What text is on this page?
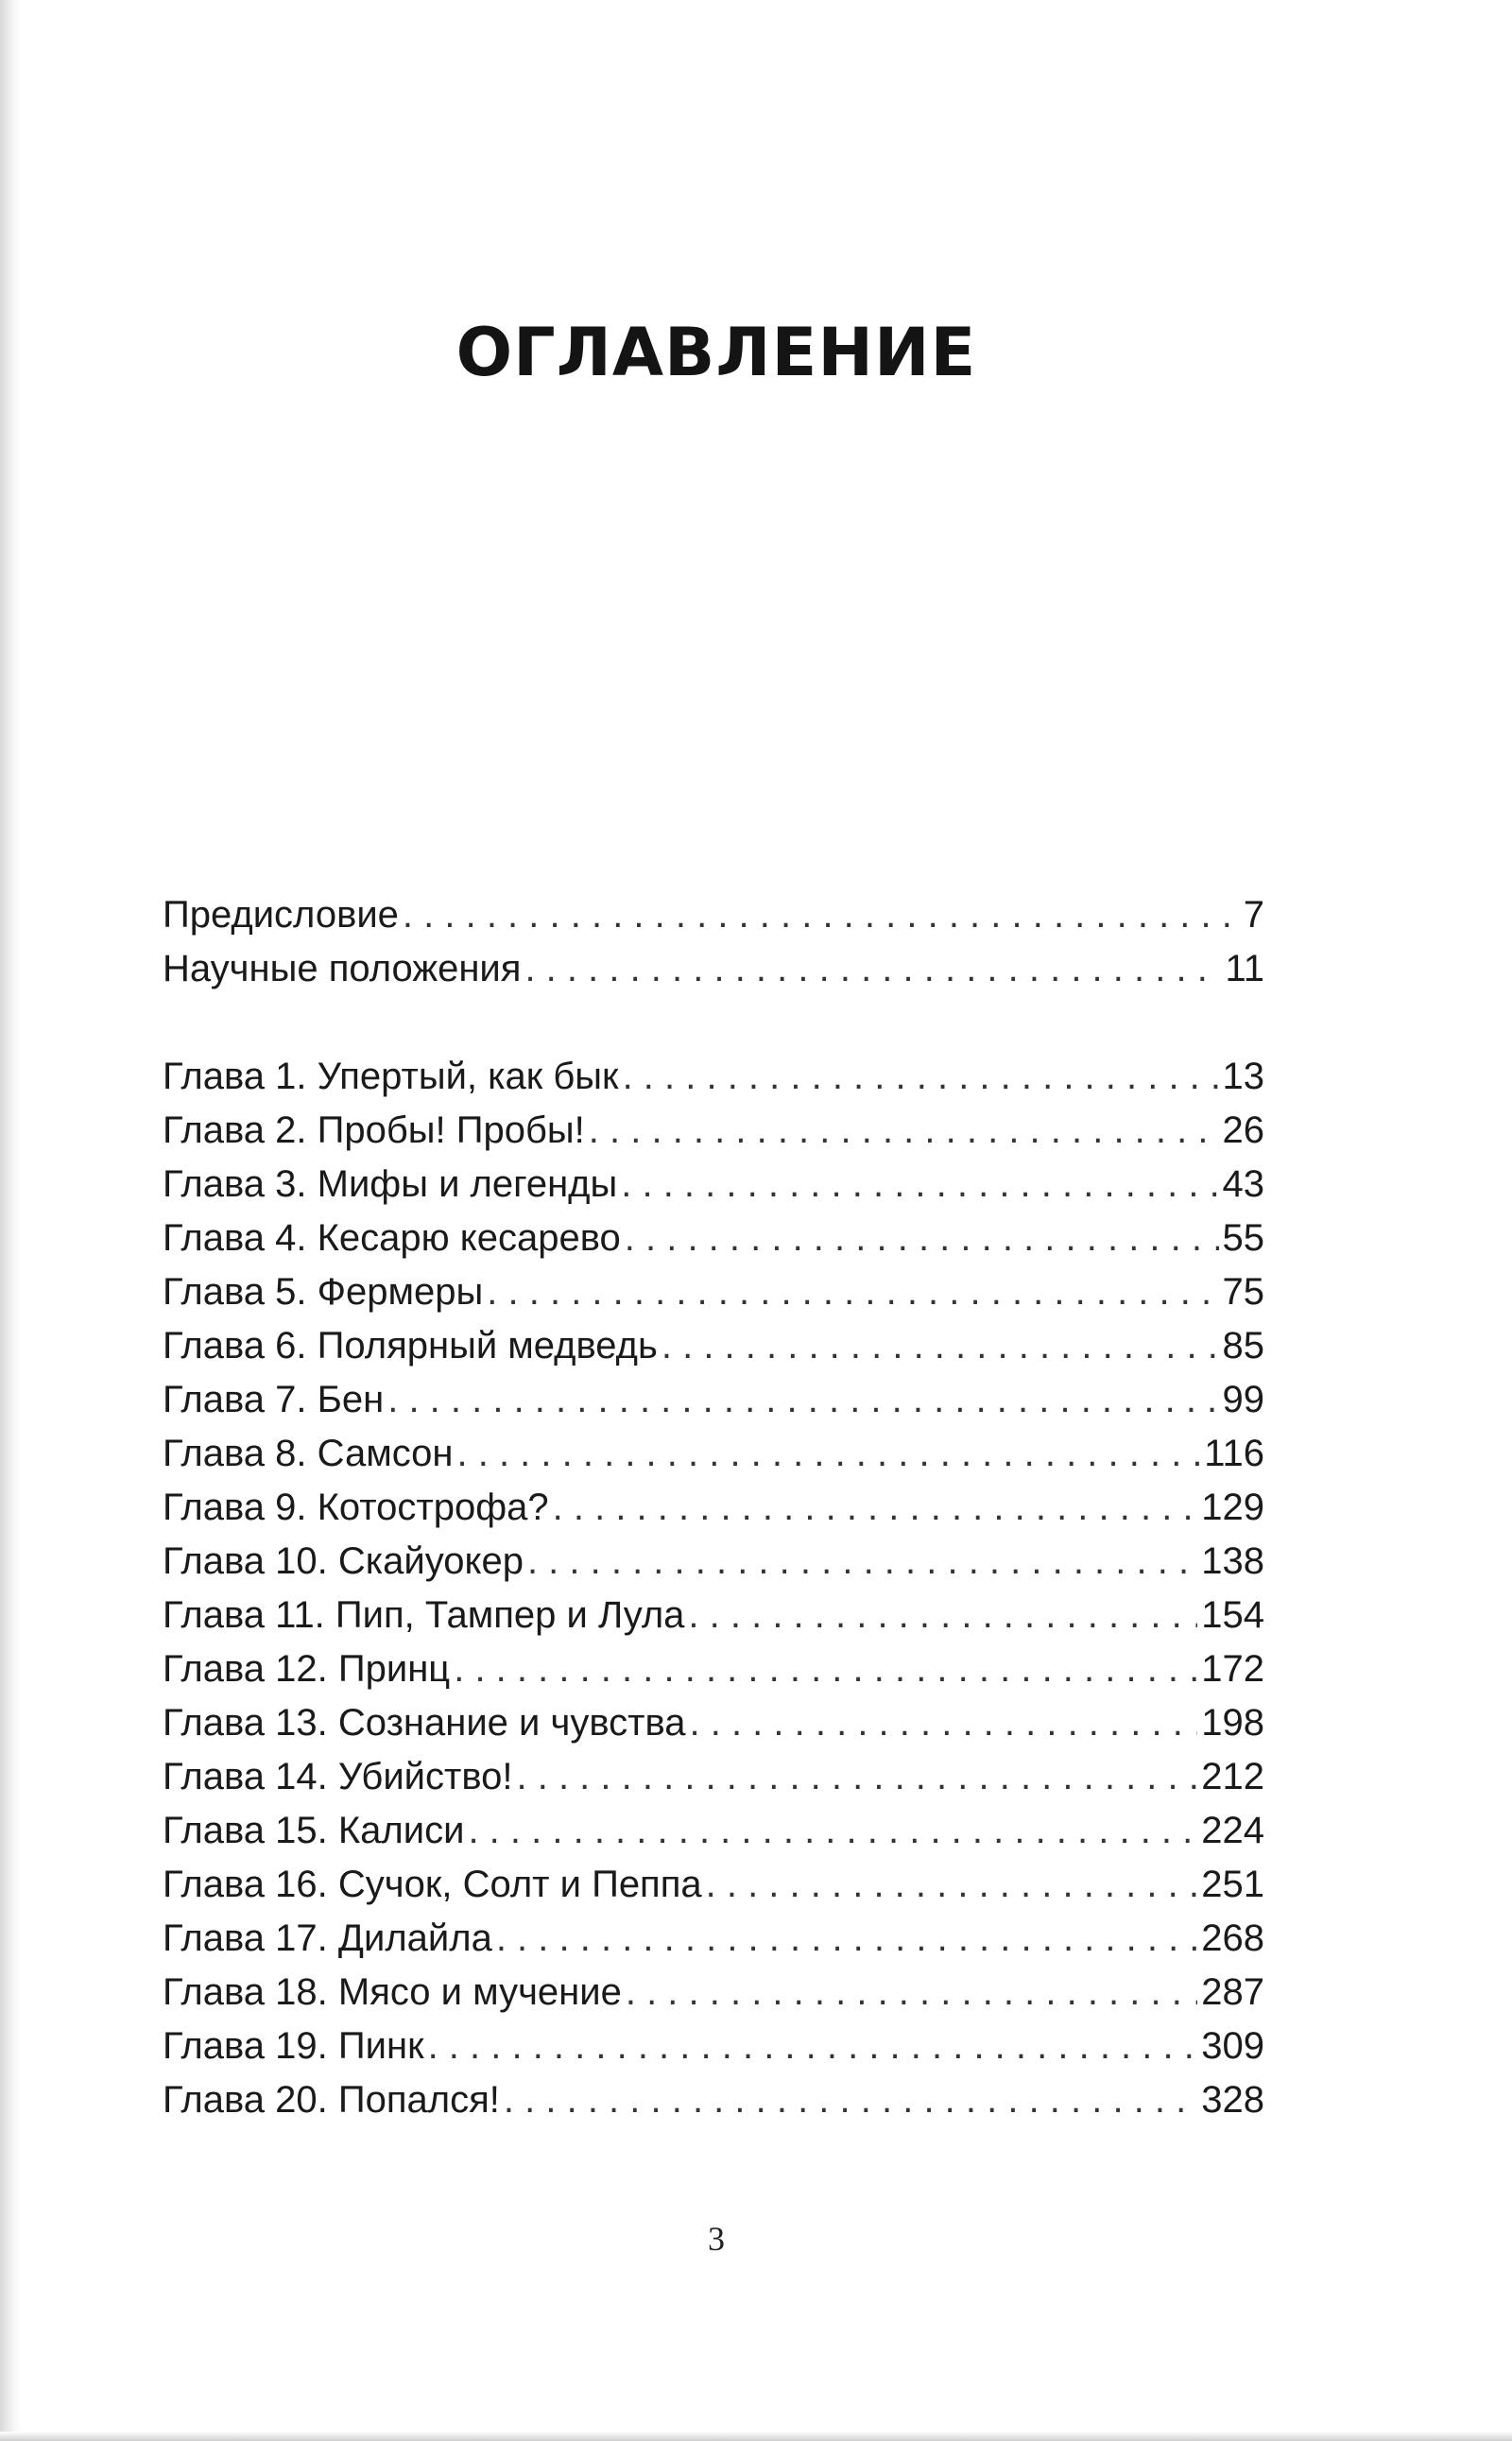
ОГЛАВЛЕНИЕ
Предисловие . . .	7
Научные положения . . .	11
Глава 1. Упертый, как бык . . .	13
Глава 2. Пробы! Пробы! . . .	26
Глава 3. Мифы и легенды . . .	43
Глава 4. Кесарю кесарево . . .	55
Глава 5. Фермеры . . .	75
Глава 6. Полярный медведь . . .	85
Глава 7. Бен . . .	99
Глава 8. Самсон . . .	116
Глава 9. Котострофа? . . .	129
Глава 10. Скайуокер . . .	138
Глава 11. Пип, Тампер и Лула . . .	154
Глава 12. Принц . . .	172
Глава 13. Сознание и чувства . . .	198
Глава 14. Убийство! . . .	212
Глава 15. Калиси . . .	224
Глава 16. Сучок, Солт и Пеппа . . .	251
Глава 17. Дилайла . . .	268
Глава 18. Мясо и мучение . . .	287
Глава 19. Пинк . . .	309
Глава 20. Попался! . . .	328
3
